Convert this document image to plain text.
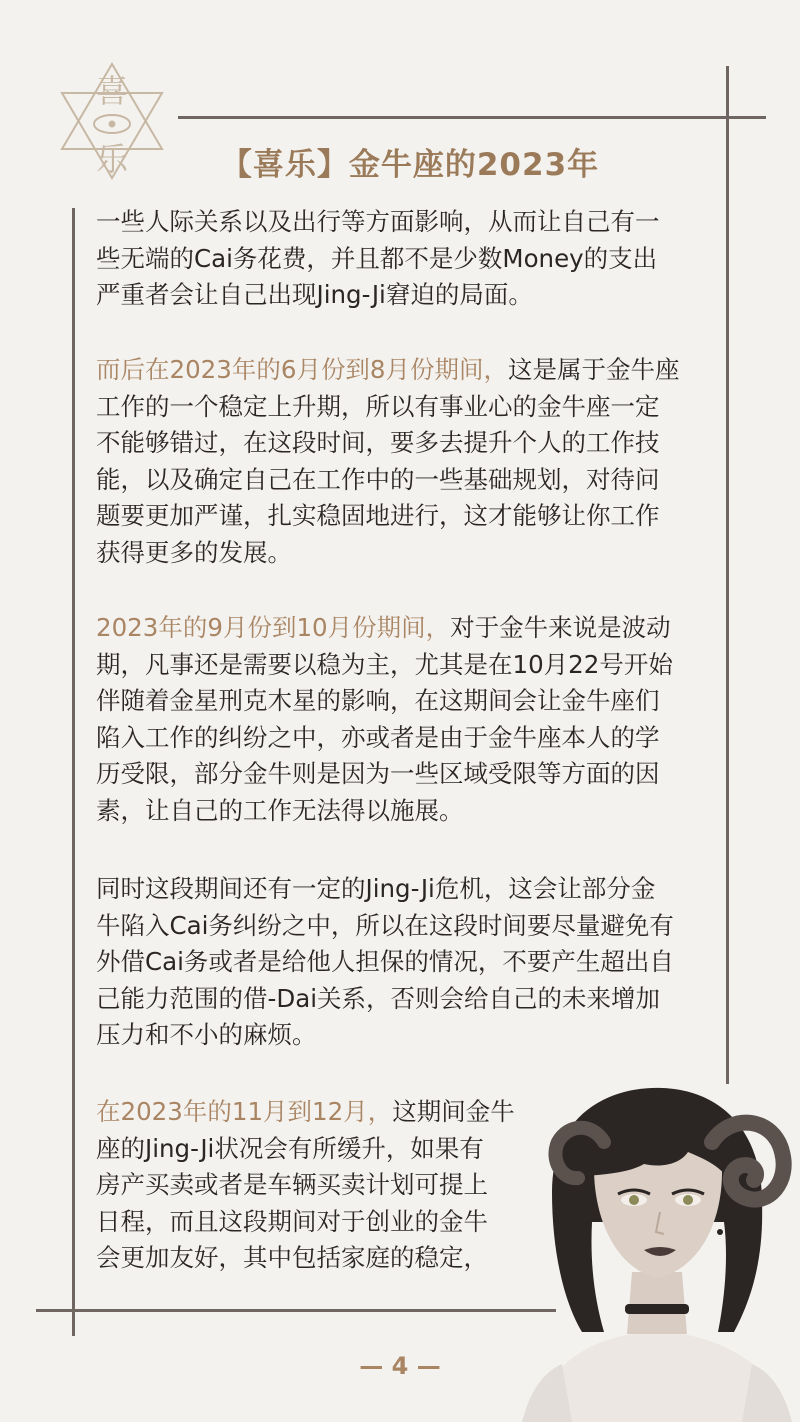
喜
乐	【喜乐】金牛座的2023年
一些人际关系以及出行等方面影响，从而让自己有一
些无端的Cai务花费，并且都不是少数Money的支出
严重者会让自己出现Jing-Ji窘迫的局面。
而后在2023年的6月份到8月份期间，这是属于金牛座
工作的一个稳定上升期，所以有事业心的金牛座一定
不能够错过，在这段时间，要多去提升个人的工作技
能，以及确定自己在工作中的一些基础规划，对待问
题要更加严谨，扎实稳固地进行，这才能够让你工作
获得更多的发展。
2023年的9月份到10月份期间，对于金牛来说是波动
期，凡事还是需要以稳为主，尤其是在10月22号开始
伴随着金星刑克木星的影响，在这期间会让金牛座们
陷入工作的纠纷之中，亦或者是由于金牛座本人的学
历受限，部分金牛则是因为一些区域受限等方面的因
素，让自己的工作无法得以施展。
同时这段期间还有一定的Jing-Ji危机，这会让部分金
牛陷入Cai务纠纷之中，所以在这段时间要尽量避免有
外借Cai务或者是给他人担保的情况，不要产生超出自
己能力范围的借-Dai关系，否则会给自己的未来增加
压力和不小的麻烦。
在2023年的11月到12月，这期间金牛
座的Jing-Ji状况会有所缓升，如果有
房产买卖或者是车辆买卖计划可提上
日程，而且这段期间对于创业的金牛
会更加友好，其中包括家庭的稳定，
— 4 —
